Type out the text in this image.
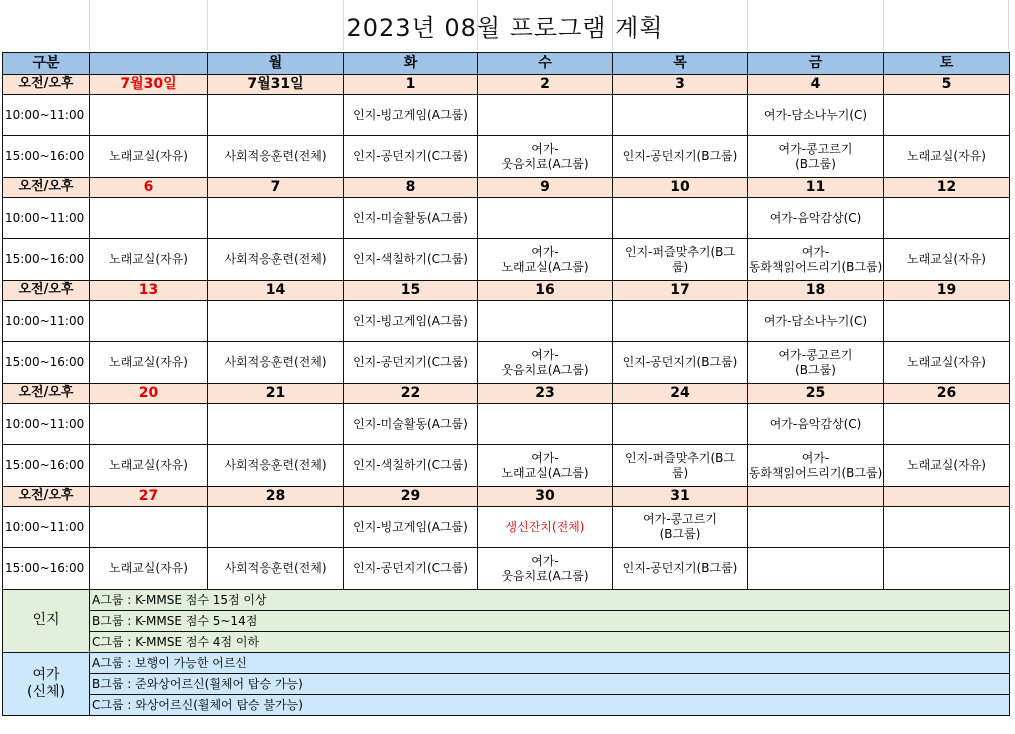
2023년 08월 프로그램 계획
구분		월	화	수	목	금	토
오전/오후	7월30일	7월31일	1	2	3	4	5
10:00~11:00			인지-빙고게임(A그룹)			여가-담소나누기(C)	
15:00~16:00	노래교실(자유)	사회적응훈련(전체)	인지-공던지기(C그룹)	여가-
웃음치료(A그룹)	인지-공던지기(B그룹)	여가-콩고르기
(B그룹)	노래교실(자유)
오전/오후	6	7	8	9	10	11	12
10:00~11:00			인지-미술활동(A그룹)			여가-음악감상(C)	
15:00~16:00	노래교실(자유)	사회적응훈련(전체)	인지-색칠하기(C그룹)	여가-
노래교실(A그룹)	인지-퍼즐맞추기(B그
룹)	여가-
동화책읽어드리기(B그룹)	노래교실(자유)
오전/오후	13	14	15	16	17	18	19
10:00~11:00			인지-빙고게임(A그룹)			여가-담소나누기(C)	
15:00~16:00	노래교실(자유)	사회적응훈련(전체)	인지-공던지기(C그룹)	여가-
웃음치료(A그룹)	인지-공던지기(B그룹)	여가-콩고르기
(B그룹)	노래교실(자유)
오전/오후	20	21	22	23	24	25	26
10:00~11:00			인지-미술활동(A그룹)			여가-음악감상(C)	
15:00~16:00	노래교실(자유)	사회적응훈련(전체)	인지-색칠하기(C그룹)	여가-
노래교실(A그룹)	인지-퍼즐맞추기(B그
룹)	여가-
동화책읽어드리기(B그룹)	노래교실(자유)
오전/오후	27	28	29	30	31		
10:00~11:00			인지-빙고게임(A그룹)	생신잔치(전체)	여가-콩고르기
(B그룹)		
15:00~16:00	노래교실(자유)	사회적응훈련(전체)	인지-공던지기(C그룹)	여가-
웃음치료(A그룹)	인지-공던지기(B그룹)		
인지	A그룹 : K-MMSE 점수 15점 이상						
	B그룹 : K-MMSE 점수 5~14점						
	C그룹 : K-MMSE 점수 4점 이하						
여가
(신체)	A그룹 : 보행이 가능한 어르신						
	B그룹 : 준와상어르신(휠체어 탑승 가능)						
	C그룹 : 와상어르신(휠체어 탑승 불가능)						
